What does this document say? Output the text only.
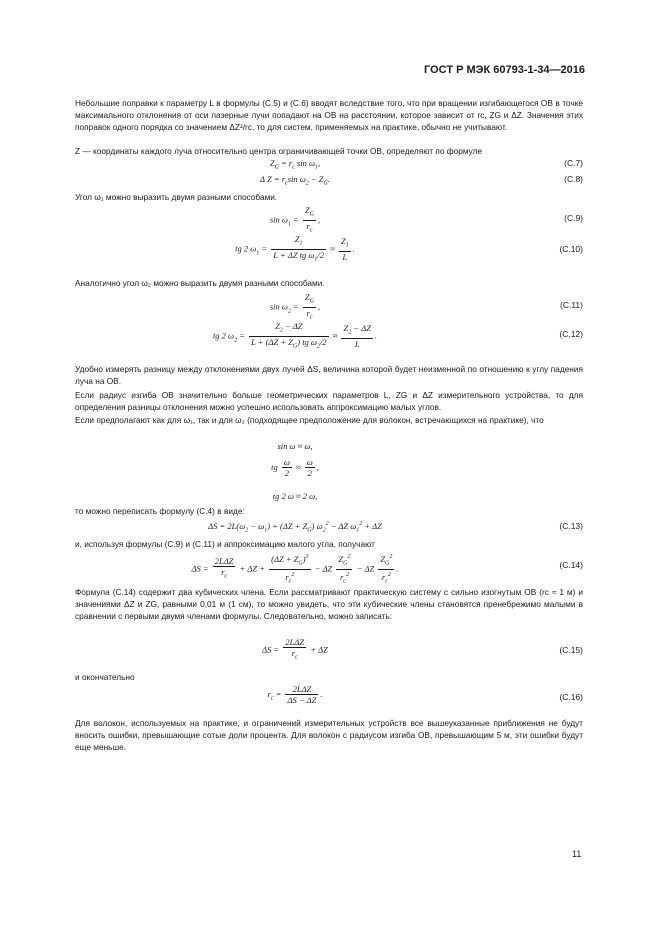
ГОСТ Р МЭК 60793-1-34—2016

Небольшие поправки к параметру L в формулы (С.5) и (С.6) вводят вследствие того, что при вращении изгибающегося ОВ в точке максимального отклонения от оси лазерные лучи попадают на ОВ на расстоянии, которое зависит от rс, ZG и ΔZ. Значения этих поправок одного порядка со значением ΔZ²/rс, то для систем, применяемых на практике, обычно не учитывают.

Z — координаты каждого луча относительно центра ограничивающей точки ОВ, определяют по формуле

$Z_G = r_c$ $\sin \omega_1$,	(С.7)
Δ $Z = r_c\sin$ $\omega_2 - Z_G$.	(С.8)

Угол ω₁ можно выразить двумя разными способами.

$\sin \omega_1 = \frac{Z_G}{r_c}$ ,	(С.9)
tg 2 $\omega_1 = \frac{Z_1}{L + \Delta Z tg \omega_1/2} \approx \frac{Z_1}{L}$ .	(С.10)

Аналогично угол ω₂ можно выразить двумя разными способами.

$\sin \omega_2 = \frac{Z_G}{r_c}$ ,	(С.11)
tg 2 $\omega_2 = \frac{Z_2 - \Delta Z}{L + (\Delta Z + Z_G) tg \omega_2/2} \approx \frac{Z_2 - \Delta Z}{L}$ .	(С.12)

Удобно измерять разницу между отклонениями двух лучей ΔS, величина которой будет неизменной по отношению к углу падения луча на ОВ.

Если радиус изгиба ОВ значительно больше геометрических параметров L, ZG и ΔZ измерительного устройства, то для определения разницы отклонения можно успешно использовать аппроксимацию малых углов.

Если предполагают как для ω₁, так и для ω₂ (подходящее предположение для волокон, встречающихся на практике), что

sin ω ≈ ω,
tg $\frac{\omega}{2} \approx \frac{\omega}{2}$ ,
tg 2 ω ≈ 2 ω,

то можно переписать формулу (С.4) в виде:

$\Delta S = 2L(\omega_2 - \omega_1) + (\Delta Z + Z_G) \omega_2^2 - \Delta Z$ $\omega_1^2 + \Delta Z$	(С.13)

и, используя формулы (С.9) и (С.11) и аппроксимацию малого угла, получают

$\Delta S = \frac{\text{2LΔZ}}{r_c} + \Delta Z + \frac{(\Delta Z + Z_G)^3}{r_c^2} - \Delta Z \frac{Z_G^2}{r_c^2} - \Delta Z \frac{Z_G^2}{r_c^2}$ .	(С.14)

Формула (С.14) содержит два кубических члена. Если рассматривают практическую систему с сильно изогнутым ОВ (rс ≈ 1 м) и значениями ΔZ и ZG, равными 0,01 м (1 см), то можно увидеть, что эти кубические члены становятся пренебрежимо малыми в сравнении с первыми двумя членами формулы. Следовательно, можно записать:

$\Delta S = \frac{\text{2LΔZ}}{r_c} + \Delta Z$	(С.15)

и окончательно

$r_c = \frac{\text{2LΔZ}}{\Delta S - \Delta Z}$ .	(С.16)

Для волокон, используемых на практике, и ограничений измерительных устройств все вышеуказанные приближения не будут вносить ошибки, превышающие сотые доли процента. Для волокон с радиусом изгиба ОВ, превышающим 5 м, эти ошибки будут еще меньше.

11
